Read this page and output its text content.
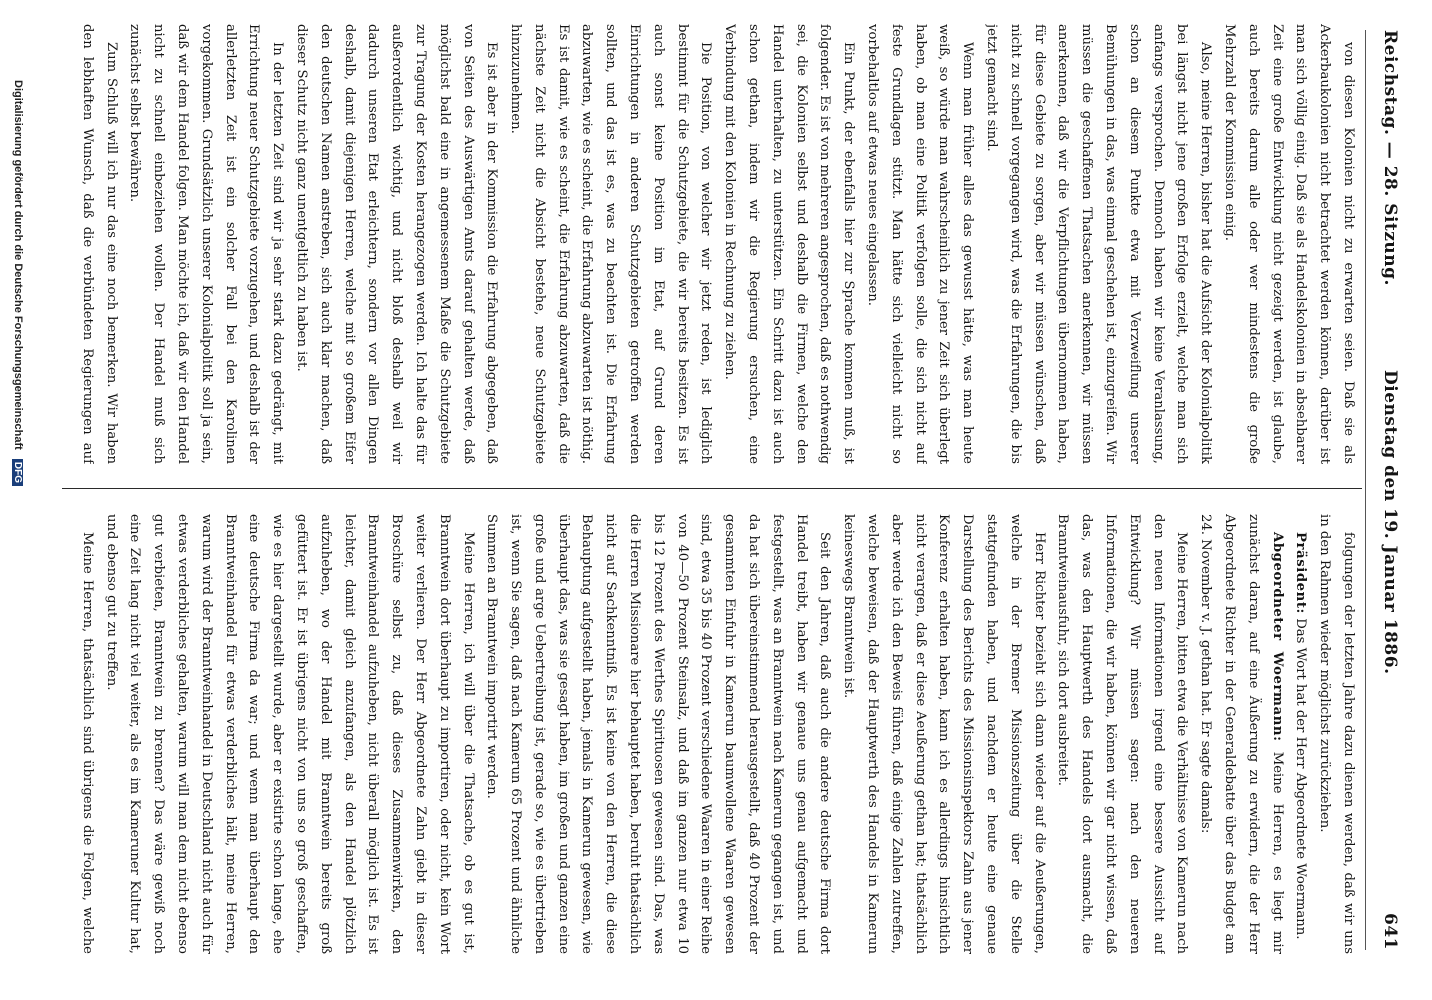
Reichstag. — 28. Sitzung.
Dienstag den 19. Januar 1886.
641

von diesen Kolonien nicht zu erwarten seien. Daß sie als Ackerbaukolonien nicht betrachtet werden können, darüber ist man sich völlig einig. Daß sie als Handelskolonien in absehbarer Zeit eine große Entwicklung nicht gezeigt werden, ist glaube, auch bereits darum alle oder wer mindestens die große Mehrzahl der Kommission einig.

Also, meine Herren, bisher hat die Aufsicht der Kolonialpolitik bei längst nicht jene großen Erfolge erzielt, welche man sich anfangs versprochen. Dennoch haben wir keine Veranlassung, schon an diesem Punkte etwa mit Verzweiflung unserer Bemühungen in das, was einmal geschehen ist, einzugreifen. Wir müssen die geschaffenen Thatsachen anerkennen, wir müssen anerkennen, daß wir die Verpflichtungen übernommen haben, für diese Gebiete zu sorgen, aber wir müssen wünschen, daß nicht zu schnell vorgegangen wird, was die Erfahrungen, die bis jetzt gemacht sind.

Wenn man früher alles das gewusst hätte, was man heute weiß, so würde man wahrscheinlich zu jener Zeit sich überlegt haben, ob man eine Politik verfolgen solle, die sich nicht auf feste Grundlagen stützt. Man hätte sich vielleicht nicht so vorbehaltlos auf etwas neues eingelassen.

Ein Punkt, der ebenfalls hier zur Sprache kommen muß, ist folgender. Es ist von mehreren angesprochen, daß es nothwendig sei, die Kolonien selbst und deshalb die Firmen, welche den Handel unterhalten, zu unterstützen. Ein Schritt dazu ist auch schon gethan, indem wir die Regierung ersuchen, eine Verbindung mit den Kolonien in Rechnung zu ziehen.

Die Position, von welcher wir jetzt reden, ist lediglich bestimmt für die Schutzgebiete, die wir bereits besitzen. Es ist auch sonst keine Position im Etat, auf Grund deren Einrichtungen in anderen Schutzgebieten getroffen werden sollten, und das ist es, was zu beachten ist. Die Erfahrung abzuwarten, wie es scheint, die Erfahrung abzuwarten ist nöthig. Es ist damit, wie es scheint, die Erfahrung abzuwarten, daß die nächste Zeit nicht die Absicht bestehe, neue Schutzgebiete hinzuzunehmen.

Es ist aber in der Kommission die Erfahrung abgegeben, daß von Seiten des Auswärtigen Amts darauf gehalten werde, daß möglichst bald eine in angemessenem Maße die Schutzgebiete zur Tragung der Kosten herangezogen werden. Ich halte das für außerordentlich wichtig, und nicht bloß deshalb weil wir dadurch unseren Etat erleichtern, sondern vor allen Dingen deshalb, damit diejenigen Herren, welche mit so großem Eifer den deutschen Namen anstreben, sich auch klar machen, daß dieser Schutz nicht ganz unentgeltlich zu haben ist.

In der letzten Zeit sind wir ja sehr stark dazu gedrängt, mit Errichtung neuer Schutzgebiete vorzugehen, und deshalb ist der allerletzten Zeit ist ein solcher Fall bei den Karolinen vorgekommen. Grundsätzlich unserer Kolonialpolitik soll ja sein, daß wir dem Handel folgen. Man möchte ich, daß wir den Handel nicht zu schnell einbeziehen wollen. Der Handel muß sich zunächst selbst bewähren.

Zum Schluß will ich nur das eine noch bemerken. Wir haben den lebhaften Wunsch, daß die verbündeten Regierungen auf

folgungen der letzten Jahre dazu dienen werden, daß wir uns in den Rahmen wieder möglichst zurückziehen.

Präsident: Das Wort hat der Herr Abgeordnete Woermann.

Abgeordneter Woermann: Meine Herren, es liegt mir zunächst daran, auf eine Äußerung zu erwidern, die der Herr Abgeordnete Richter in der Generaldebatte über das Budget am 24. November v. J. gethan hat. Er sagte damals:

Meine Herren, bitten etwa die Verhältnisse von Kamerun nach den neuen Informationen irgend eine bessere Aussicht auf Entwicklung? Wir müssen sagen: nach den neueren Informationen, die wir haben, können wir gar nicht wissen, daß das, was den Hauptwerth des Handels dort ausmacht, die Branntweinausfuhr, sich dort ausbreitet.

Herr Richter bezieht sich dann wieder auf die Aeußerungen, welche in der Bremer Missionszeitung über die Stelle stattgefunden haben, und nachdem er heute eine genaue Darstellung des Berichts des Missionsinspektors Zahn aus jener Konferenz erhalten haben, kann ich es allerdings hinsichtlich nicht verargen, daß er diese Aeußerung gethan hat; thatsächlich aber werde ich den Beweis führen, daß einige Zahlen zutreffen, welche beweisen, daß der Hauptwerth des Handels in Kamerun keineswegs Branntwein ist.

Seit den Jahren, daß auch die andere deutsche Firma dort Handel treibt, haben wir genaue uns genau aufgemacht und festgestellt, was an Branntwein nach Kamerun gegangen ist, und da hat sich übereinstimmend herausgestellt, daß 40 Prozent der gesammten Einfuhr in Kamerun baumwollene Waaren gewesen sind, etwa 35 bis 40 Prozent verschiedene Waaren in einer Reihe von 40—50 Prozent Steinsalz, und daß im ganzen nur etwa 10 bis 12 Prozent des Werthes Spirituosen gewesen sind. Das, was die Herren Missionare hier behauptet haben, beruht thatsächlich nicht auf Sachkenntniß. Es ist keine von den Herren, die diese Behauptung aufgestellt haben, jemals in Kamerun gewesen, wie überhaupt das, was sie gesagt haben, im großen und ganzen eine große und arge Uebertreibung ist, gerade so, wie es übertrieben ist, wenn Sie sagen, daß nach Kamerun 65 Prozent und ähnliche Summen an Branntwein importirt werden.

Meine Herren, ich will über die Thatsache, ob es gut ist, Branntwein dort überhaupt zu importiren, oder nicht, kein Wort weiter verlieren. Der Herr Abgeordnete Zahn giebt in dieser Broschüre selbst zu, daß dieses Zusammenwirken, den Branntweinhandel aufzuheben, nicht überall möglich ist. Es ist leichter, damit gleich anzufangen, als den Handel plötzlich aufzuheben, wo der Handel mit Branntwein bereits groß gefüttert ist. Er ist übrigens nicht von uns so groß geschaffen, wie es hier dargestellt wurde, aber er existirte schon lange, ehe eine deutsche Firma da war; und wenn man überhaupt den Branntweinhandel für etwas verderbliches hält, meine Herren, warum wird der Branntweinhandel in Deutschland nicht auch für etwas verderbliches gehalten, warum will man dem nicht ebenso gut verbieten, Branntwein zu brennen? Das wäre gewiß noch eine Zeit lang nicht viel weiter, als es im Kameruner Kultur hat, und ebenso gut zu treffen.

Meine Herren, thatsächlich sind übrigens die Folgen, welche

Digitalisierung gefördert durch die Deutsche Forschungsgemeinschaft DFG
